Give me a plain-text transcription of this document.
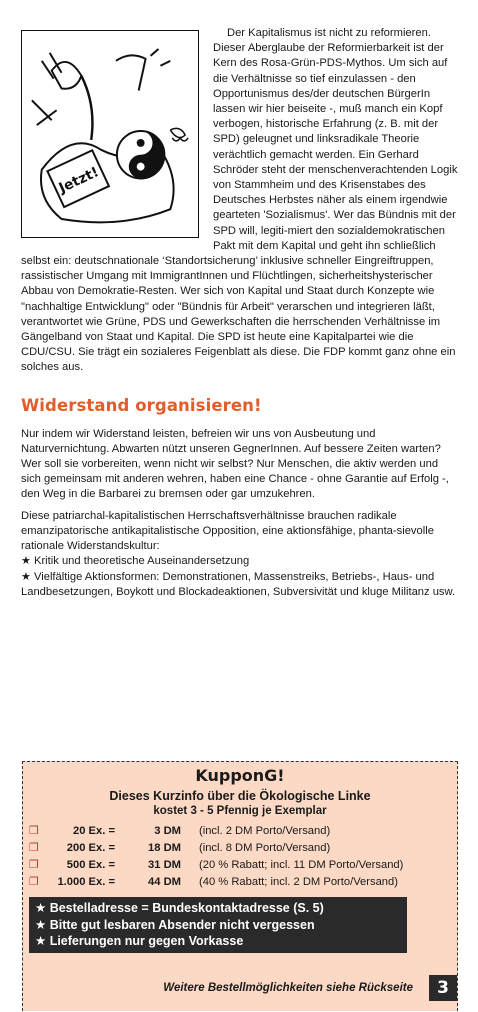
Jetzt!

Der Kapitalismus ist nicht zu reformieren. Dieser Aberglaube der Reformierbarkeit ist der Kern des Rosa-Grün-PDS-Mythos. Um sich auf die Verhältnisse so tief einzulassen - den Opportunismus des/der deutschen BürgerIn lassen wir hier beiseite -, muß manch ein Kopf verbogen, historische Erfahrung (z. B. mit der SPD) geleugnet und linksradikale Theorie verächtlich gemacht werden. Ein Gerhard Schröder steht der menschenverachtenden Logik von Stammheim und des Krisenstabes des Deutsches Herbstes näher als einem irgendwie gearteten 'Sozialismus'. Wer das Bündnis mit der SPD will, legiti-miert den sozialdemokratischen Pakt mit dem Kapital und geht ihn schließlich selbst ein: deutschnationale ‘Standortsicherung’ inklusive schneller Eingreiftruppen, rassistischer Umgang mit ImmigrantInnen und Flüchtlingen, sicherheitshysterischer Abbau von Demokratie-Resten. Wer sich von Kapital und Staat durch Konzepte wie "nachhaltige Entwicklung" oder "Bündnis für Arbeit" verarschen und integrieren läßt, verantwortet wie Grüne, PDS und Gewerkschaften die herrschenden Verhältnisse im Gängelband von Staat und Kapital. Die SPD ist heute eine Kapitalpartei wie die CDU/CSU. Sie trägt ein sozialeres Feigenblatt als diese. Die FDP kommt ganz ohne ein solches aus.

Widerstand organisieren!

Nur indem wir Widerstand leisten, befreien wir uns von Ausbeutung und Naturvernichtung. Abwarten nützt unseren GegnerInnen. Auf bessere Zeiten warten? Wer soll sie vorbereiten, wenn nicht wir selbst? Nur Menschen, die aktiv werden und sich gemeinsam mit anderen wehren, haben eine Chance - ohne Garantie auf Erfolg -, den Weg in die Barbarei zu bremsen oder gar umzukehren.

Diese patriarchal-kapitalistischen Herrschaftsverhältnisse brauchen radikale emanzipatorische antikapitalistische Opposition, eine aktionsfähige, phanta-sievolle rationale Widerstandskultur:

★ Kritik und theoretische Auseinandersetzung
★ Vielfältige Aktionsformen: Demonstrationen, Massenstreiks, Betriebs-, Haus- und Landbesetzungen, Boykott und Blockadeaktionen, Subversivität und kluge Militanz usw.
KupponG!
Dieses Kurzinfo über die Ökologische Linke
kostet 3 - 5 Pfennig je Exemplar
❐	20 Ex. =	3 DM (incl. 2 DM Porto/Versand)
❐	200 Ex. =	18 DM (incl. 8 DM Porto/Versand)
❐	500 Ex. =	31 DM (20 % Rabatt; incl. 11 DM Porto/Versand)
❐	1.000 Ex. =	44 DM (40 % Rabatt; incl. 2 DM Porto/Versand)
★ Bestelladresse = Bundeskontaktadresse (S. 5)
★ Bitte gut lesbaren Absender nicht vergessen
★ Lieferungen nur gegen Vorkasse
Weitere Bestellmöglichkeiten siehe Rückseite	3
